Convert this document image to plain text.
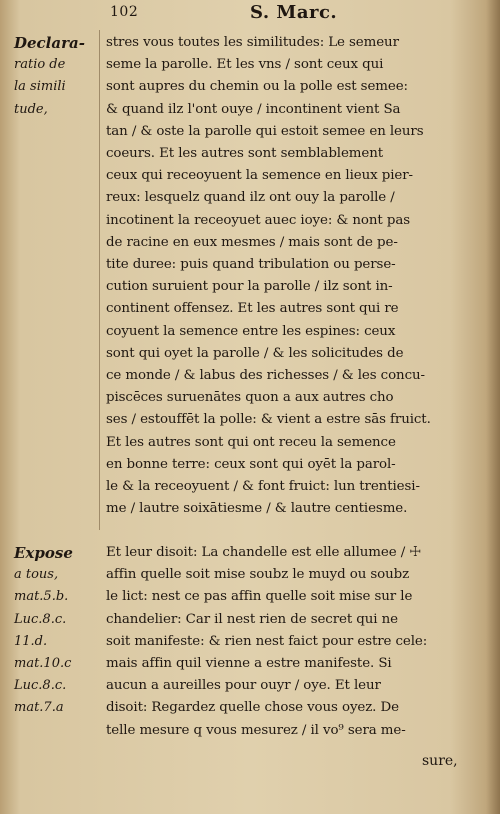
102	S. Marc.
Declara-
ratio de
la simili
tude,
stres vous toutes les similitudes: Le semeur
seme la parolle. Et les vns / sont ceux qui
sont aupres du chemin ou la polle est semee:
& quand ilz l'ont ouye / incontinent vient Sa
tan / & oste la parolle qui estoit semee en leurs
coeurs. Et les autres sont semblablement
ceux qui receoyuent la semence en lieux pier-
reux: lesquelz quand ilz ont ouy la parolle /
incotinent la receoyuet auec ioye: & nont pas
de racine en eux mesmes / mais sont de pe-
tite duree: puis quand tribulation ou perse-
cution suruient pour la parolle / ilz sont in-
continent offensez. Et les autres sont qui re
coyuent la semence entre les espines: ceux
sont qui oyet la parolle / & les solicitudes de
ce monde / & labus des richesses / & les concu-
piscēces suruenātes quon a aux autres cho
ses / estouffēt la polle: & vient a estre sās fruict.
Et les autres sont qui ont receu la semence
en bonne terre: ceux sont qui oyēt la parol-
le & la receoyuent / & font fruict: lun trentiesi-
me / lautre soixātiesme / & lautre centiesme.
Expose
a tous,
mat.5.b.
Luc.8.c.
11.d.
mat.10.c
Luc.8.c.
mat.7.a
Et leur disoit: La chandelle est elle allumee / ☩
affin quelle soit mise soubz le muyd ou soubz
le lict: nest ce pas affin quelle soit mise sur le
chandelier: Car il nest rien de secret qui ne
soit manifeste: & rien nest faict pour estre cele:
mais affin quil vienne a estre manifeste. Si
aucun a aureilles pour ouyr / oye. Et leur
disoit: Regardez quelle chose vous oyez. De
telle mesure q vous mesurez / il vo⁹ sera me-
sure,
